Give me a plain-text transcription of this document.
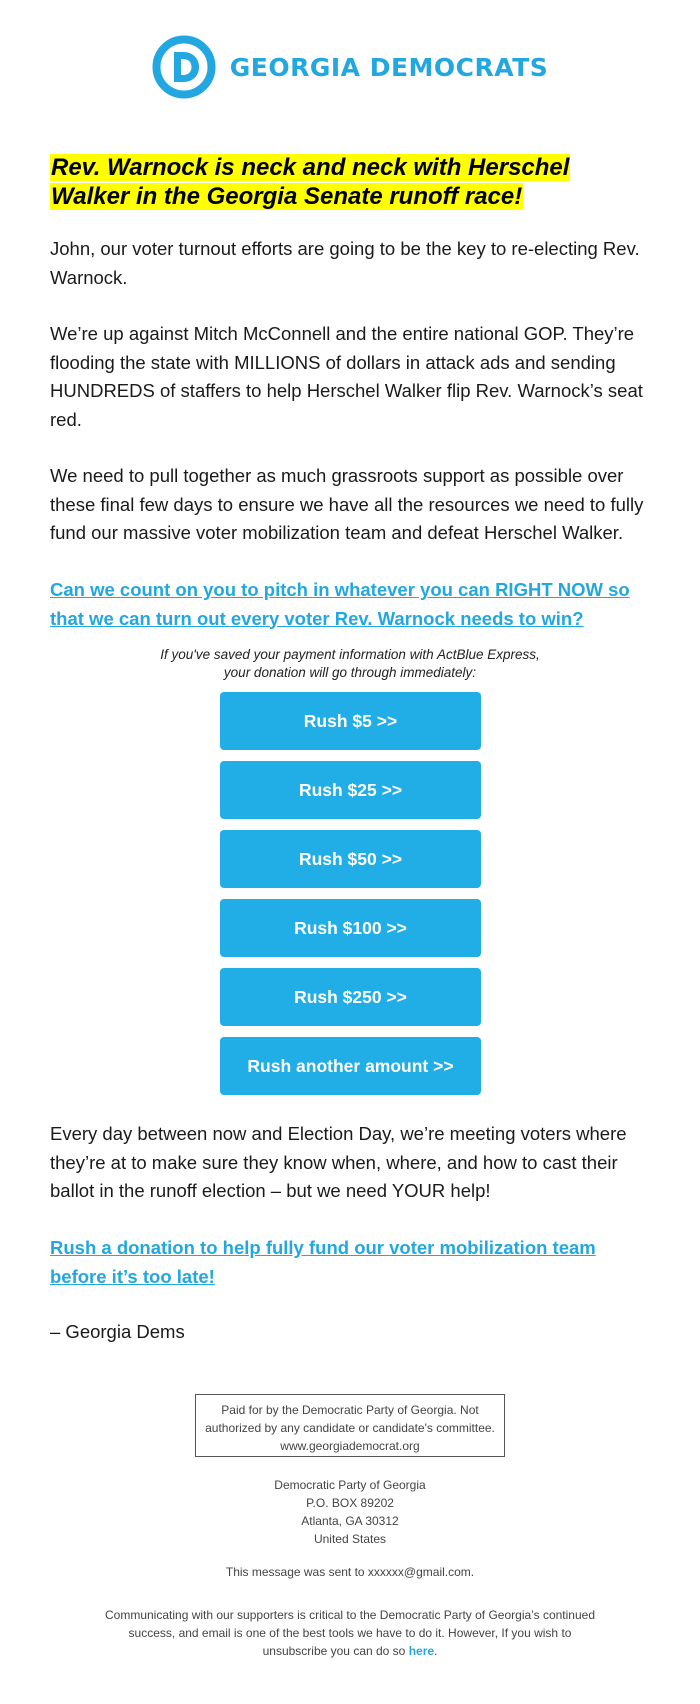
GEORGIA DEMOCRATS
Rev. Warnock is neck and neck with Herschel Walker in the Georgia Senate runoff race!

John, our voter turnout efforts are going to be the key to re-electing Rev. Warnock.

We’re up against Mitch McConnell and the entire national GOP. They’re flooding the state with MILLIONS of dollars in attack ads and sending HUNDREDS of staffers to help Herschel Walker flip Rev. Warnock’s seat red.

We need to pull together as much grassroots support as possible over these final few days to ensure we have all the resources we need to fully fund our massive voter mobilization team and defeat Herschel Walker.

Can we count on you to pitch in whatever you can RIGHT NOW so that we can turn out every voter Rev. Warnock needs to win?
If you've saved your payment information with ActBlue Express,
your donation will go through immediately:
Rush $5 >>
Rush $25 >>
Rush $50 >>
Rush $100 >>
Rush $250 >>
Rush another amount >>

Every day between now and Election Day, we’re meeting voters where they’re at to make sure they know when, where, and how to cast their ballot in the runoff election – but we need YOUR help!

Rush a donation to help fully fund our voter mobilization team before it’s too late!

– Georgia Dems

Paid for by the Democratic Party of Georgia. Not
authorized by any candidate or candidate's committee.
www.georgiademocrat.org
Democratic Party of Georgia
P.O. BOX 89202
Atlanta, GA 30312
United States
This message was sent to xxxxxx@gmail.com.
Communicating with our supporters is critical to the Democratic Party of Georgia’s continued success, and email is one of the best tools we have to do it. However, If you wish to unsubscribe you can do so here.
